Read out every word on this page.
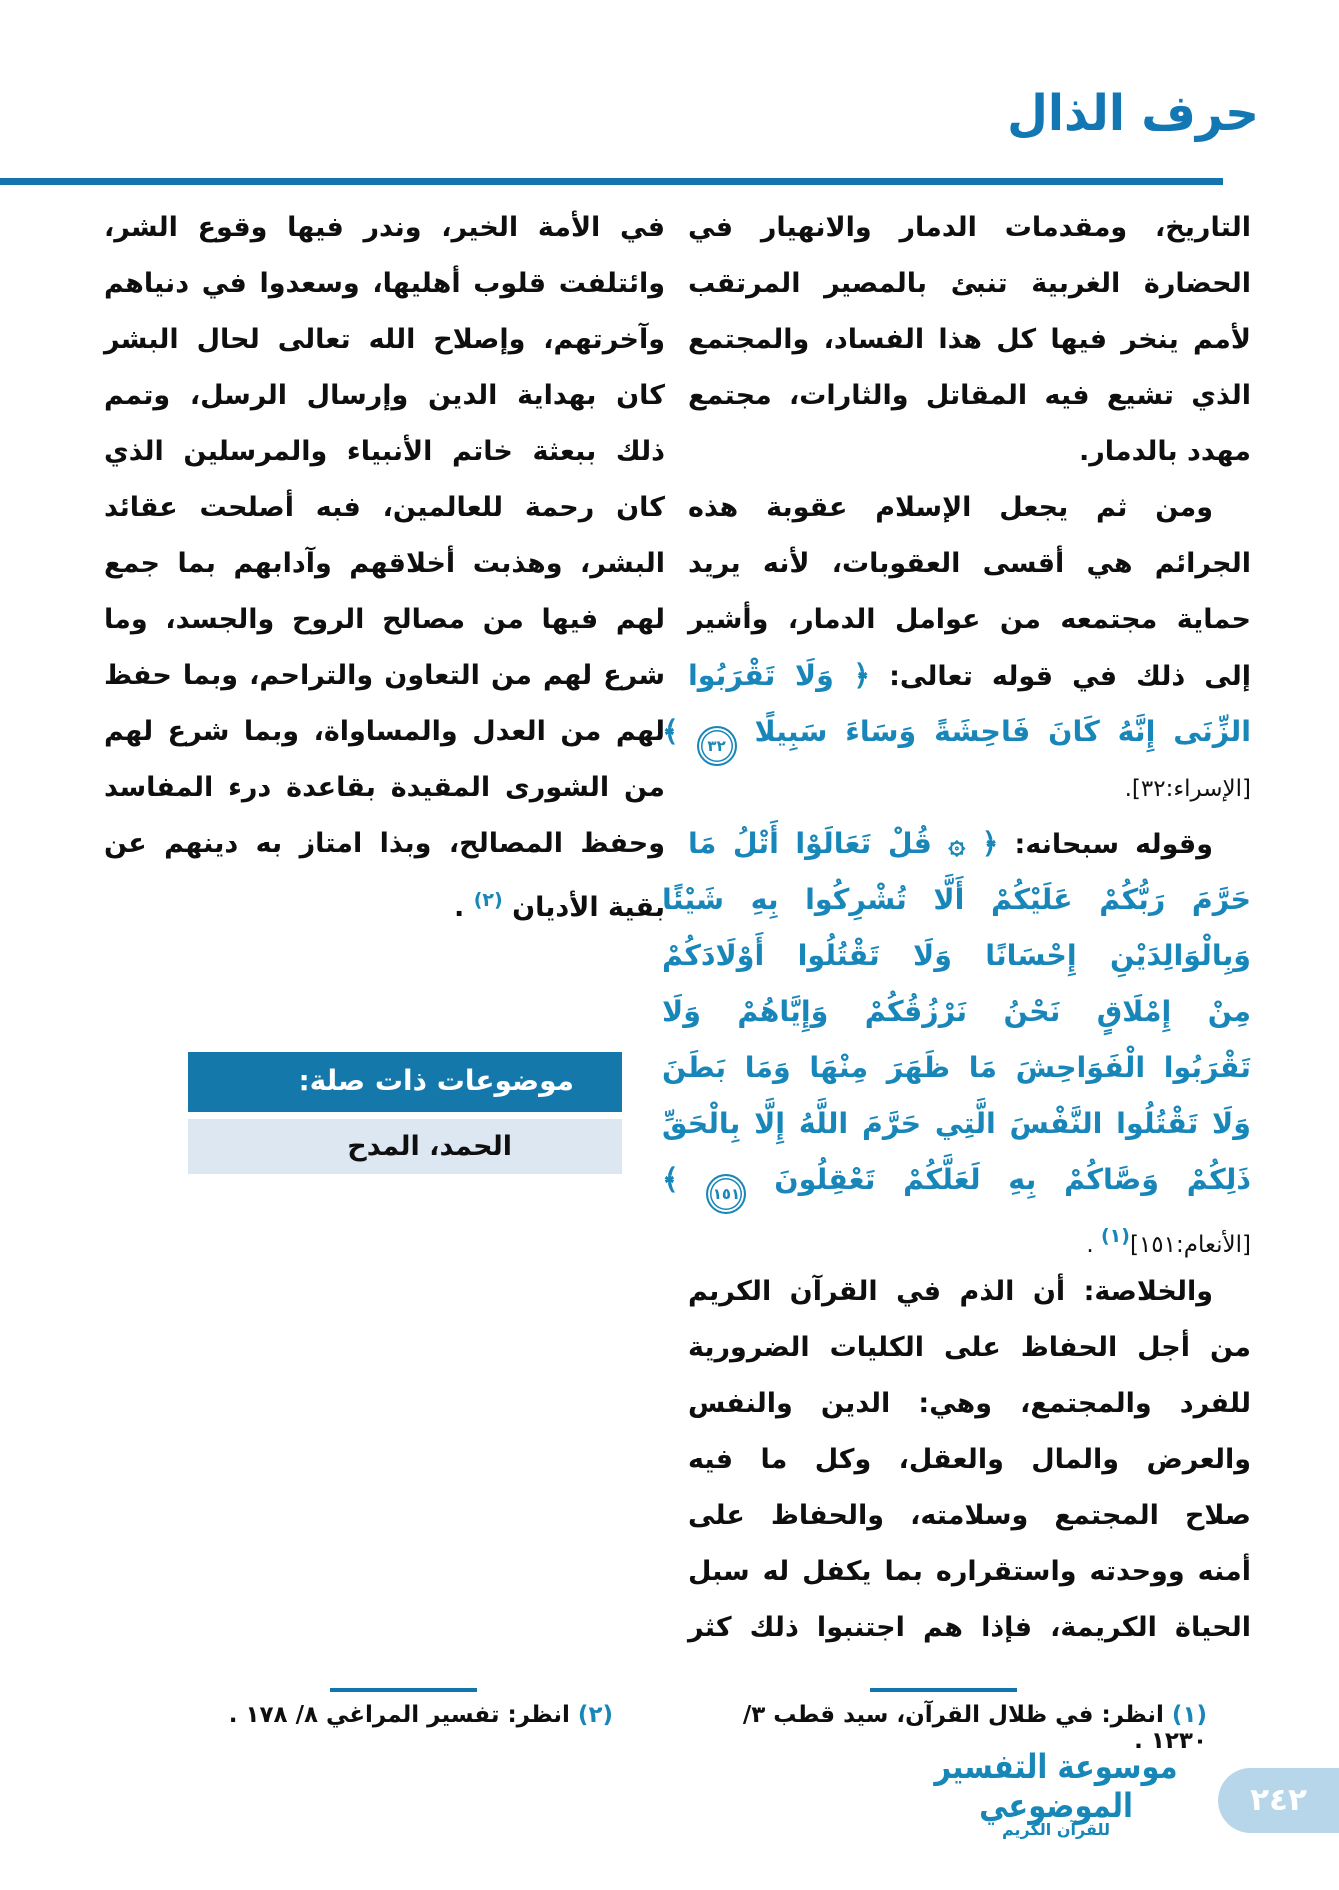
حرف الذال
التاريخ، ومقدمات الدمار والانهيار في
الحضارة الغربية تنبئ بالمصير المرتقب
لأمم ينخر فيها كل هذا الفساد، والمجتمع
الذي تشيع فيه المقاتل والثارات، مجتمع
مهدد بالدمار.
ومن ثم يجعل الإسلام عقوبة هذه
الجرائم هي أقسى العقوبات، لأنه يريد
حماية مجتمعه من عوامل الدمار، وأشير
إلى ذلك في قوله تعالى: ﴿ وَلَا تَقْرَبُوا
الزِّنَى إِنَّهُ كَانَ فَاحِشَةً وَسَاءَ سَبِيلًا ٣٢ ﴾
[الإسراء:٣٢].
وقوله سبحانه: ﴿ ۞ قُلْ تَعَالَوْا أَتْلُ مَا
حَرَّمَ رَبُّكُمْ عَلَيْكُمْ أَلَّا تُشْرِكُوا بِهِ شَيْئًا
وَبِالْوَالِدَيْنِ إِحْسَانًا وَلَا تَقْتُلُوا أَوْلَادَكُمْ
مِنْ إِمْلَاقٍ نَحْنُ نَرْزُقُكُمْ وَإِيَّاهُمْ وَلَا
تَقْرَبُوا الْفَوَاحِشَ مَا ظَهَرَ مِنْهَا وَمَا بَطَنَ
وَلَا تَقْتُلُوا النَّفْسَ الَّتِي حَرَّمَ اللَّهُ إِلَّا بِالْحَقِّ
ذَلِكُمْ وَصَّاكُمْ بِهِ لَعَلَّكُمْ تَعْقِلُونَ ١٥١ ﴾
[الأنعام:١٥١]$^{(١)}$ .
والخلاصة: أن الذم في القرآن الكريم
من أجل الحفاظ على الكليات الضرورية
للفرد والمجتمع، وهي: الدين والنفس
والعرض والمال والعقل، وكل ما فيه
صلاح المجتمع وسلامته، والحفاظ على
أمنه ووحدته واستقراره بما يكفل له سبل
الحياة الكريمة، فإذا هم اجتنبوا ذلك كثر
في الأمة الخير، وندر فيها وقوع الشر،
وائتلفت قلوب أهليها، وسعدوا في دنياهم
وآخرتهم، وإصلاح الله تعالى لحال البشر
كان بهداية الدين وإرسال الرسل، وتمم
ذلك ببعثة خاتم الأنبياء والمرسلين الذي
كان رحمة للعالمين، فبه أصلحت عقائد
البشر، وهذبت أخلاقهم وآدابهم بما جمع
لهم فيها من مصالح الروح والجسد، وما
شرع لهم من التعاون والتراحم، وبما حفظ
لهم من العدل والمساواة، وبما شرع لهم
من الشورى المقيدة بقاعدة درء المفاسد
وحفظ المصالح، وبذا امتاز به دينهم عن
بقية الأديان $^{(٢)}$ .
موضوعات ذات صلة:
الحمد، المدح
(١) انظر: في ظلال القرآن، سيد قطب ٣/ ١٢٣٠ .
(٢) انظر: تفسير المراغي ٨/ ١٧٨ .
موسوعة التفسير الموضوعي
للقرآن الكريم
٢٤٢
